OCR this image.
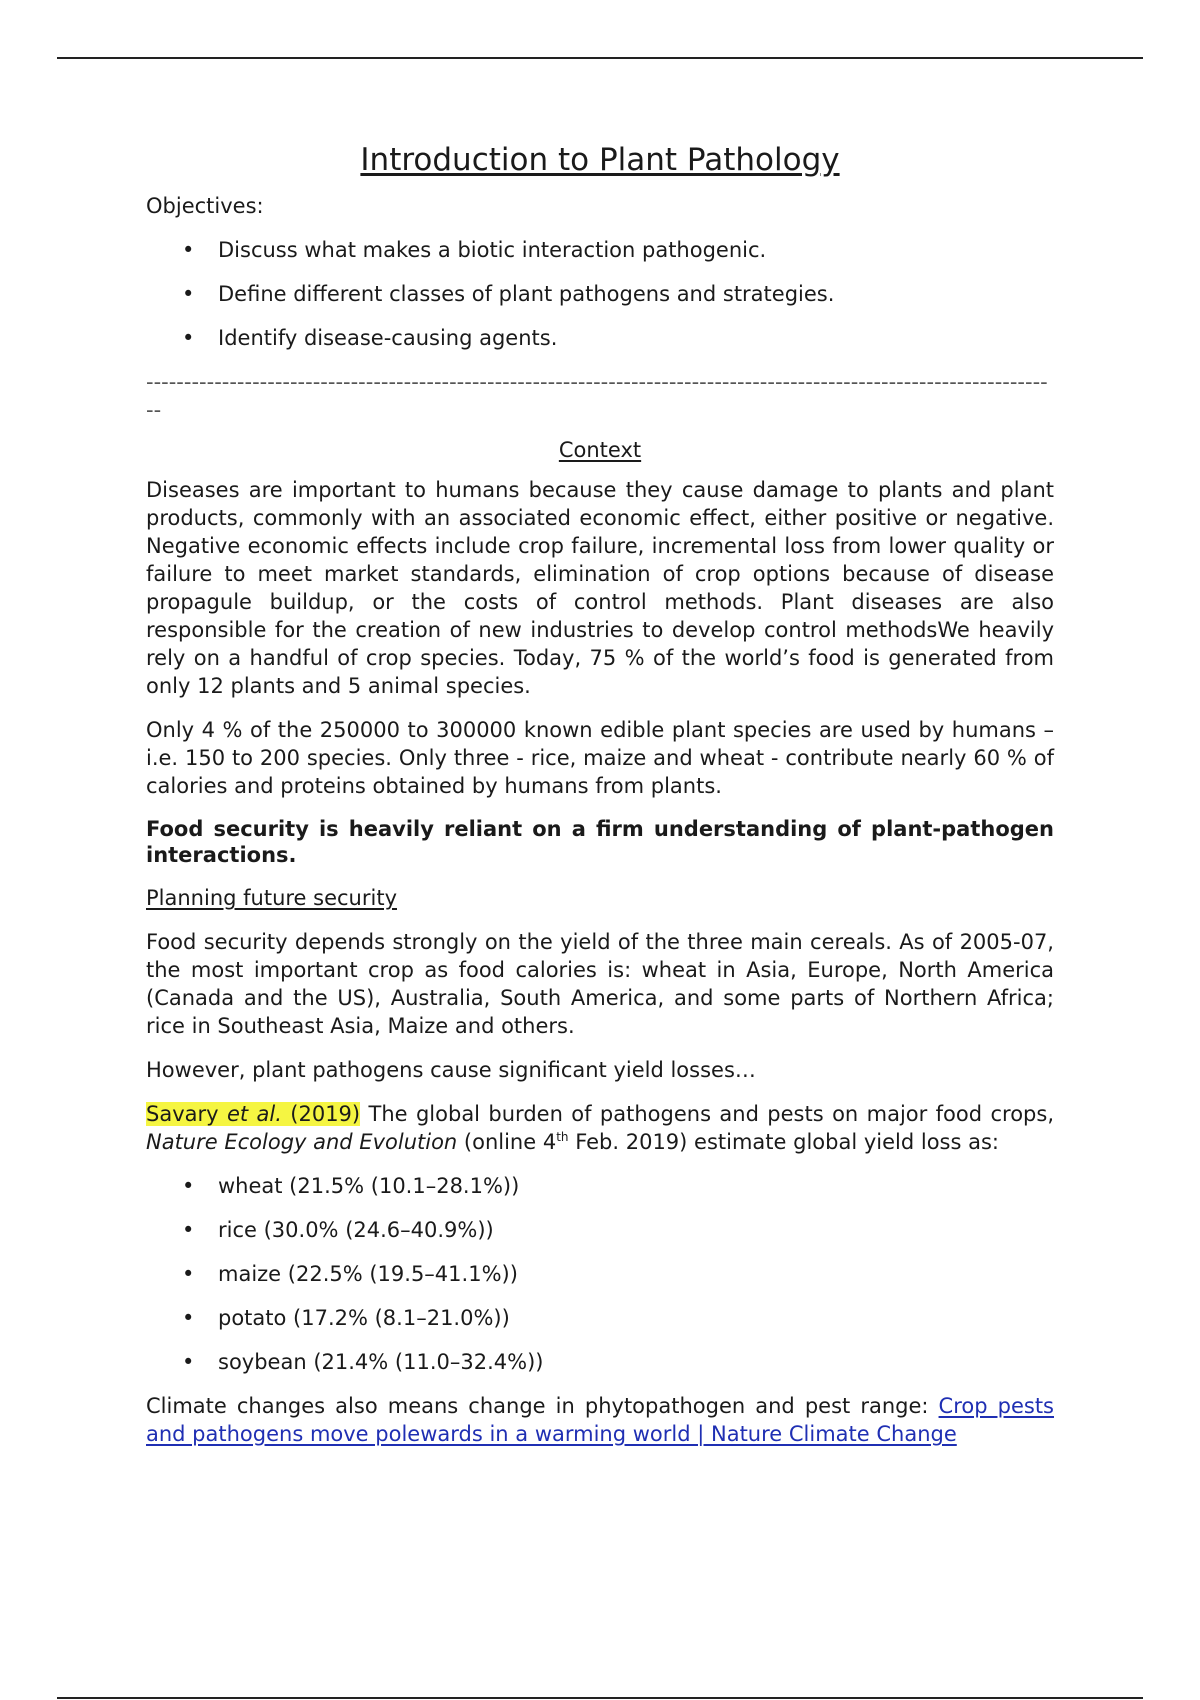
Introduction to Plant Pathology

Objectives:

• Discuss what makes a biotic interaction pathogenic.
• Define different classes of plant pathogens and strategies.
• Identify disease-causing agents.

-------------------------------------------------------------------------------------------------------------------------

Context

Diseases are important to humans because they cause damage to plants and plant products, commonly with an associated economic effect, either positive or negative. Negative economic effects include crop failure, incremental loss from lower quality or failure to meet market standards, elimination of crop options because of disease propagule buildup, or the costs of control methods. Plant diseases are also responsible for the creation of new industries to develop control methodsWe heavily rely on a handful of crop species. Today, 75 % of the world’s food is generated from only 12 plants and 5 animal species.

Only 4 % of the 250000 to 300000 known edible plant species are used by humans – i.e. 150 to 200 species. Only three - rice, maize and wheat - contribute nearly 60 % of calories and proteins obtained by humans from plants.

Food security is heavily reliant on a firm understanding of plant-pathogen interactions.

Planning future security

Food security depends strongly on the yield of the three main cereals. As of 2005-07, the most important crop as food calories is: wheat in Asia, Europe, North America (Canada and the US), Australia, South America, and some parts of Northern Africa; rice in Southeast Asia, Maize and others.

However, plant pathogens cause significant yield losses…

Savary et al. (2019) The global burden of pathogens and pests on major food crops, Nature Ecology and Evolution (online 4th Feb. 2019) estimate global yield loss as:

• wheat (21.5% (10.1–28.1%))
• rice (30.0% (24.6–40.9%))
• maize (22.5% (19.5–41.1%))
• potato (17.2% (8.1–21.0%))
• soybean (21.4% (11.0–32.4%))

Climate changes also means change in phytopathogen and pest range: Crop pests and pathogens move polewards in a warming world | Nature Climate Change
